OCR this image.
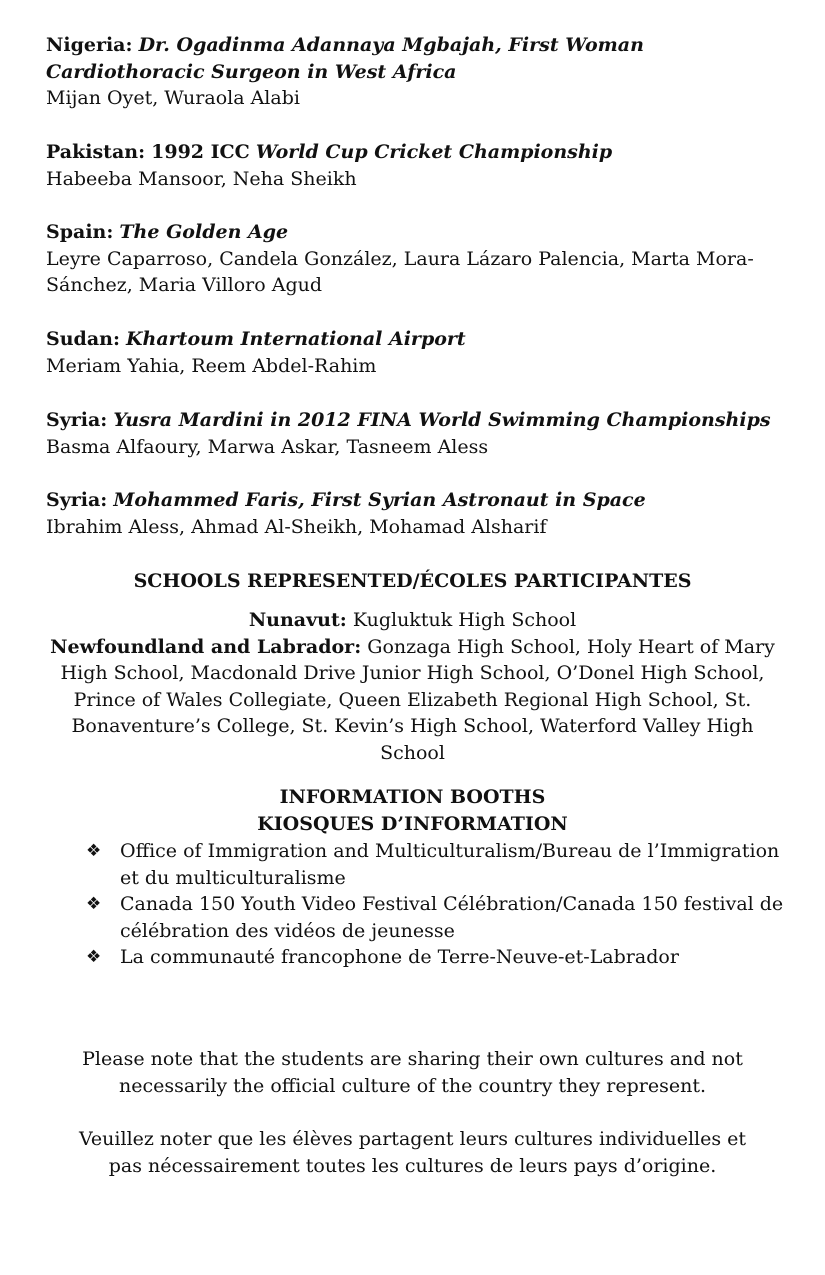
Nigeria: Dr. Ogadinma Adannaya Mgbajah, First Woman Cardiothoracic Surgeon in West Africa
Mijan Oyet, Wuraola Alabi
Pakistan: 1992 ICC World Cup Cricket Championship
Habeeba Mansoor, Neha Sheikh
Spain: The Golden Age
Leyre Caparroso, Candela González, Laura Lázaro Palencia, Marta Mora-Sánchez, Maria Villoro Agud
Sudan: Khartoum International Airport
Meriam Yahia, Reem Abdel-Rahim
Syria: Yusra Mardini in 2012 FINA World Swimming Championships
Basma Alfaoury, Marwa Askar, Tasneem Aless
Syria: Mohammed Faris, First Syrian Astronaut in Space
Ibrahim Aless, Ahmad Al-Sheikh, Mohamad Alsharif
SCHOOLS REPRESENTED/ÉCOLES PARTICIPANTES
Nunavut: Kugluktuk High School
Newfoundland and Labrador: Gonzaga High School, Holy Heart of Mary High School, Macdonald Drive Junior High School, O’Donel High School, Prince of Wales Collegiate, Queen Elizabeth Regional High School, St. Bonaventure’s College, St. Kevin’s High School, Waterford Valley High School
INFORMATION BOOTHS
KIOSQUES D’INFORMATION
❖ Office of Immigration and Multiculturalism/Bureau de l’Immigration et du multiculturalisme
❖ Canada 150 Youth Video Festival Célébration/Canada 150 festival de célébration des vidéos de jeunesse
❖ La communauté francophone de Terre-Neuve-et-Labrador
Please note that the students are sharing their own cultures and not necessarily the official culture of the country they represent.
Veuillez noter que les élèves partagent leurs cultures individuelles et pas nécessairement toutes les cultures de leurs pays d’origine.
